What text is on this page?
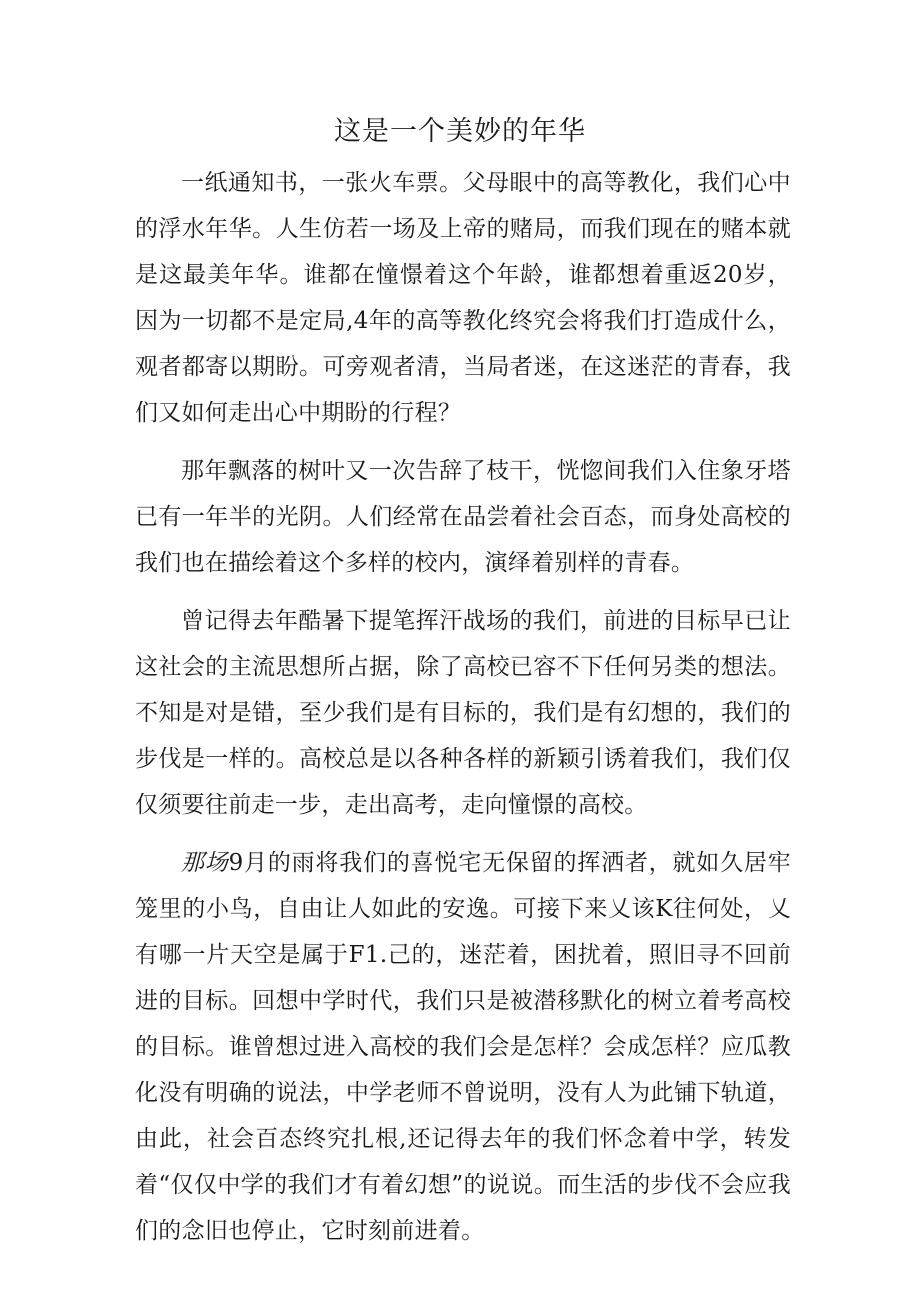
这是一个美妙的年华

一纸通知书，一张火车票。父母眼中的高等教化，我们心中的浮水年华。人生仿若一场及上帝的赌局，而我们现在的赌本就是这最美年华。谁都在憧憬着这个年龄，谁都想着重返20岁，因为一切都不是定局,4年的高等教化终究会将我们打造成什么，观者都寄以期盼。可旁观者清，当局者迷，在这迷茫的青春，我们又如何走出心中期盼的行程？

那年飘落的树叶又一次告辞了枝干，恍惚间我们入住象牙塔已有一年半的光阴。人们经常在品尝着社会百态，而身处高校的我们也在描绘着这个多样的校内，演绎着别样的青春。

曾记得去年酷暑下提笔挥汗战场的我们，前进的目标早已让这社会的主流思想所占据，除了高校已容不下任何另类的想法。不知是对是错，至少我们是有目标的，我们是有幻想的，我们的步伐是一样的。高校总是以各种各样的新颖引诱着我们，我们仅仅须要往前走一步，走出高考，走向憧憬的高校。

那场9月的雨将我们的喜悦宅无保留的挥洒者，就如久居牢笼里的小鸟，自由让人如此的安逸。可接下来乂该K往何处，乂有哪一片天空是属于F1.己的，迷茫着，困扰着，照旧寻不回前进的目标。回想中学时代，我们只是被潜移默化的树立着考高校的目标。谁曾想过进入高校的我们会是怎样？会成怎样？应瓜教化没有明确的说法，中学老师不曾说明，没有人为此铺下轨道，由此，社会百态终究扎根,还记得去年的我们怀念着中学，转发着“仅仅中学的我们才有着幻想”的说说。而生活的步伐不会应我们的念旧也停止，它时刻前进着。
